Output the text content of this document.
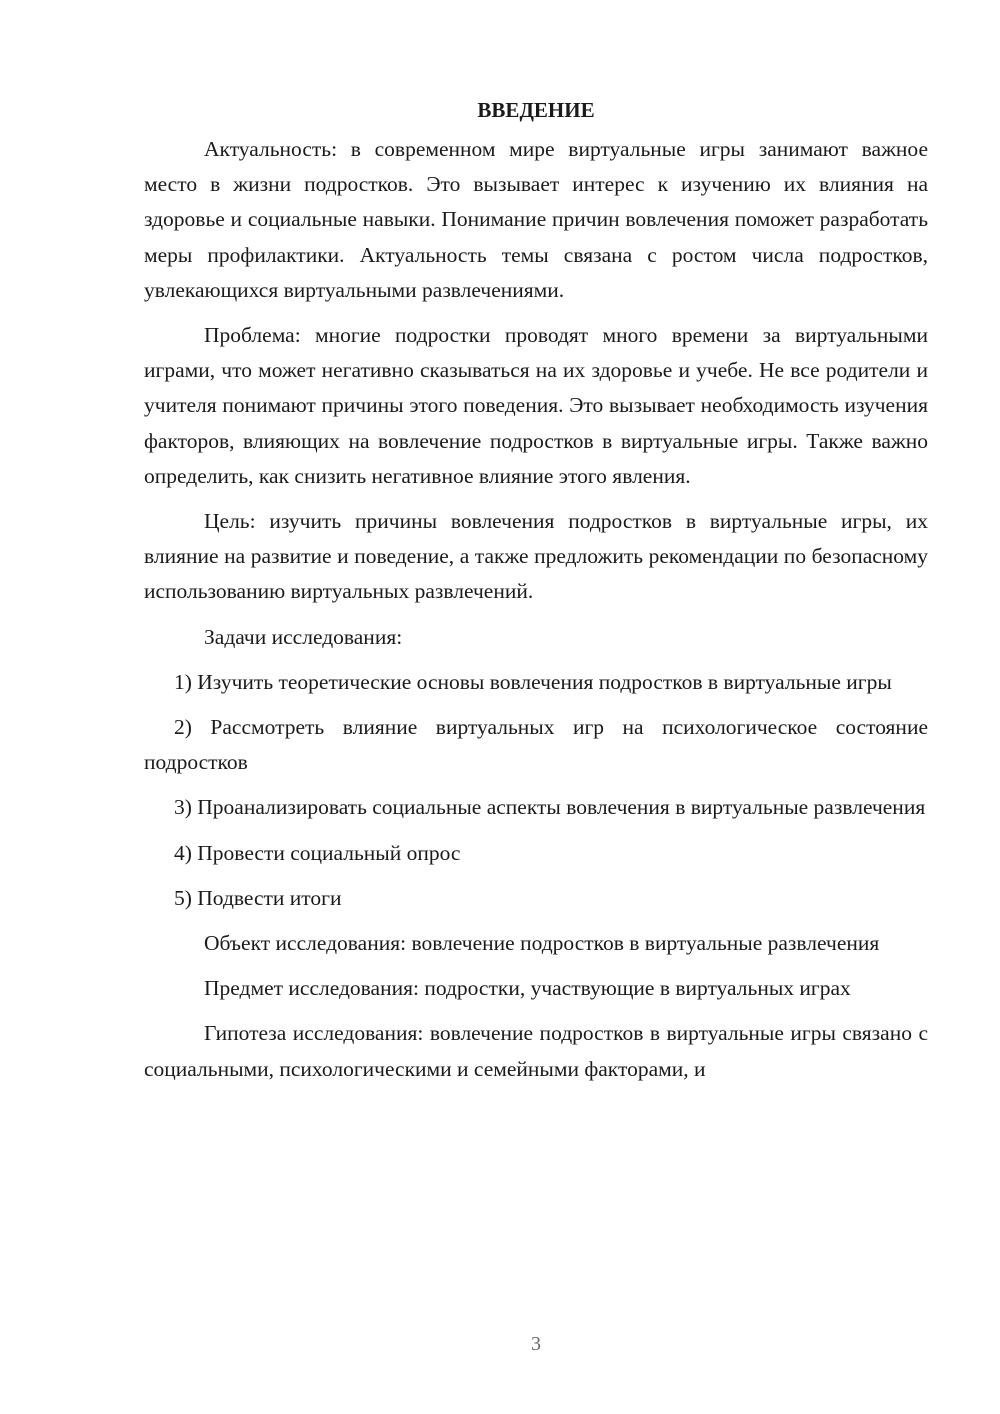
ВВЕДЕНИЕ

Актуальность: в современном мире виртуальные игры занимают важное место в жизни подростков. Это вызывает интерес к изучению их влияния на здоровье и социальные навыки. Понимание причин вовлечения поможет разработать меры профилактики. Актуальность темы связана с ростом числа подростков, увлекающихся виртуальными развлечениями.

Проблема: многие подростки проводят много времени за виртуальными играми, что может негативно сказываться на их здоровье и учебе. Не все родители и учителя понимают причины этого поведения. Это вызывает необходимость изучения факторов, влияющих на вовлечение подростков в виртуальные игры. Также важно определить, как снизить негативное влияние этого явления.

Цель: изучить причины вовлечения подростков в виртуальные игры, их влияние на развитие и поведение, а также предложить рекомендации по безопасному использованию виртуальных развлечений.

Задачи исследования:

1) Изучить теоретические основы вовлечения подростков в виртуальные игры

2) Рассмотреть влияние виртуальных игр на психологическое состояние подростков

3) Проанализировать социальные аспекты вовлечения в виртуальные развлечения

4) Провести социальный опрос

5) Подвести итоги

Объект исследования: вовлечение подростков в виртуальные развлечения

Предмет исследования: подростки, участвующие в виртуальных играх

Гипотеза исследования: вовлечение подростков в виртуальные игры связано с социальными, психологическими и семейными факторами, и

3
